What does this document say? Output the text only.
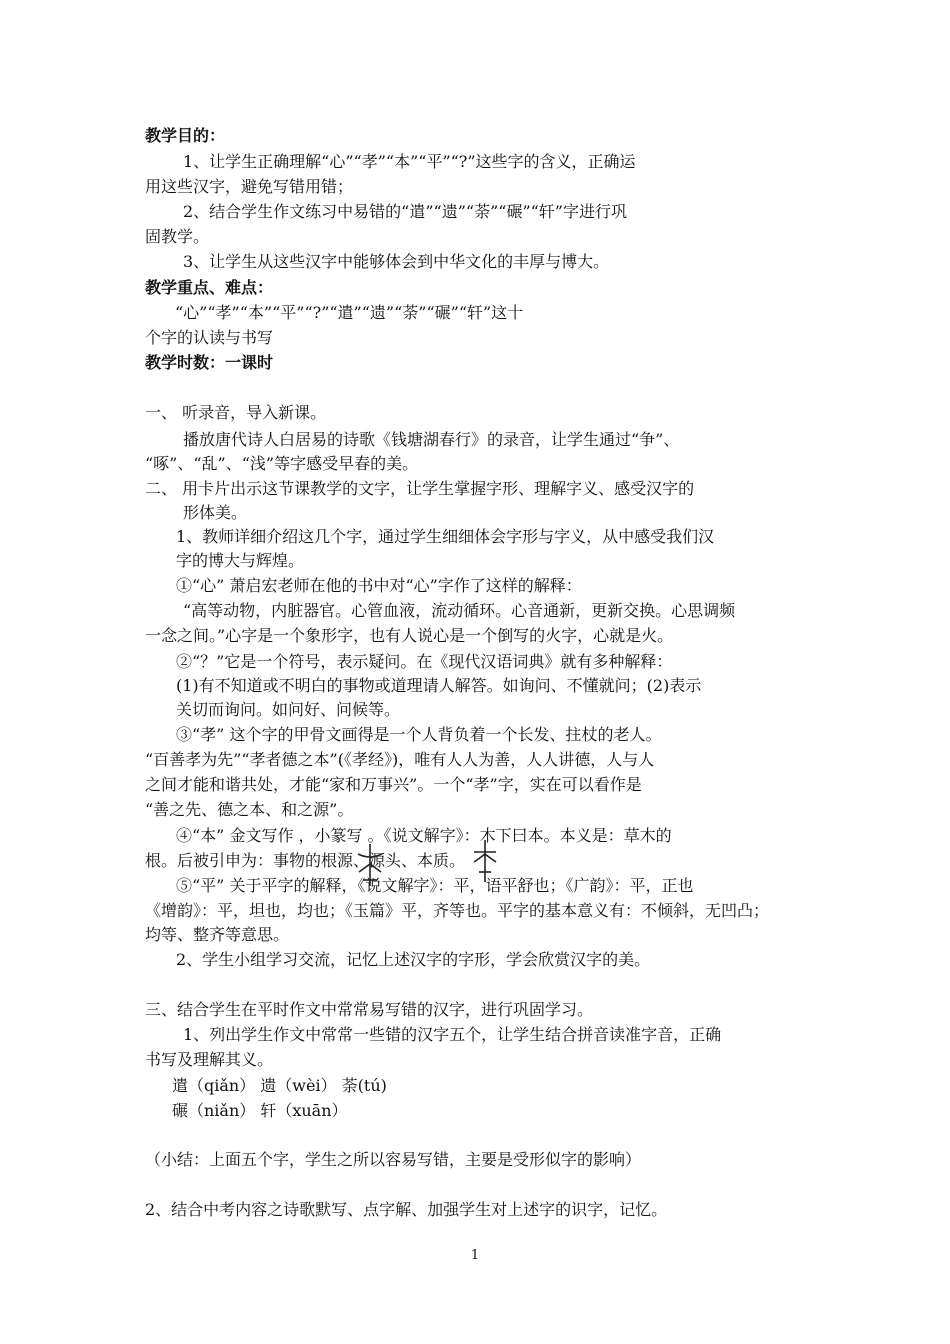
教学目的：
1、让学生正确理解“心”“孝”“本”“平”“?”这些字的含义，正确运
用这些汉字，避免写错用错；
2、结合学生作文练习中易错的“遣”“遗”“荼”“碾”“轩”字进行巩
固教学。
3、让学生从这些汉字中能够体会到中华文化的丰厚与博大。
教学重点、难点：
“心”“孝”“本”“平”“?”“遣”“遗”“荼”“碾”“轩”这十
个字的认读与书写
教学时数：一课时
一、 听录音，导入新课。
播放唐代诗人白居易的诗歌《钱塘湖春行》的录音，让学生通过“争”、
“啄”、“乱”、“浅”等字感受早春的美。
二、 用卡片出示这节课教学的文字，让学生掌握字形、理解字义、感受汉字的
形体美。
1、教师详细介绍这几个字，通过学生细细体会字形与字义，从中感受我们汉
字的博大与辉煌。
①“心” 萧启宏老师在他的书中对“心”字作了这样的解释：
“高等动物，内脏器官。心管血液，流动循环。心音通新，更新交换。心思调频
一念之间。”心字是一个象形字，也有人说心是一个倒写的火字，心就是火。
②“？”它是一个符号，表示疑问。在《现代汉语词典》就有多种解释：
(1)有不知道或不明白的事物或道理请人解答。如询问、不懂就问；(2)表示
关切而询问。如问好、问候等。
③“孝” 这个字的甲骨文画得是一个人背负着一个长发、拄杖的老人。
“百善孝为先”“孝者德之本”(《孝经》)，唯有人人为善，人人讲德，人与人
之间才能和谐共处，才能“家和万事兴”。一个“孝”字，实在可以看作是
“善之先、德之本、和之源”。
④“本” 金文写作 ，小篆写 。《说文解字》：木下曰本。本义是：草木的
根。后被引申为：事物的根源、源头、本质。
⑤“平” 关于平字的解释，《说文解字》：平，语平舒也；《广韵》：平，正也
《增韵》：平，坦也，均也；《玉篇》平，齐等也。平字的基本意义有：不倾斜，无凹凸；
均等、整齐等意思。
2、学生小组学习交流，记忆上述汉字的字形，学会欣赏汉字的美。
三、结合学生在平时作文中常常易写错的汉字，进行巩固学习。
1、列出学生作文中常常一些错的汉字五个，让学生结合拼音读准字音，正确
书写及理解其义。
遣（qiǎn） 遗（wèi） 荼(tú)
碾（niǎn） 轩（xuān）
（小结：上面五个字，学生之所以容易写错，主要是受形似字的影响）
2、结合中考内容之诗歌默写、点字解、加强学生对上述字的识字，记忆。
1
